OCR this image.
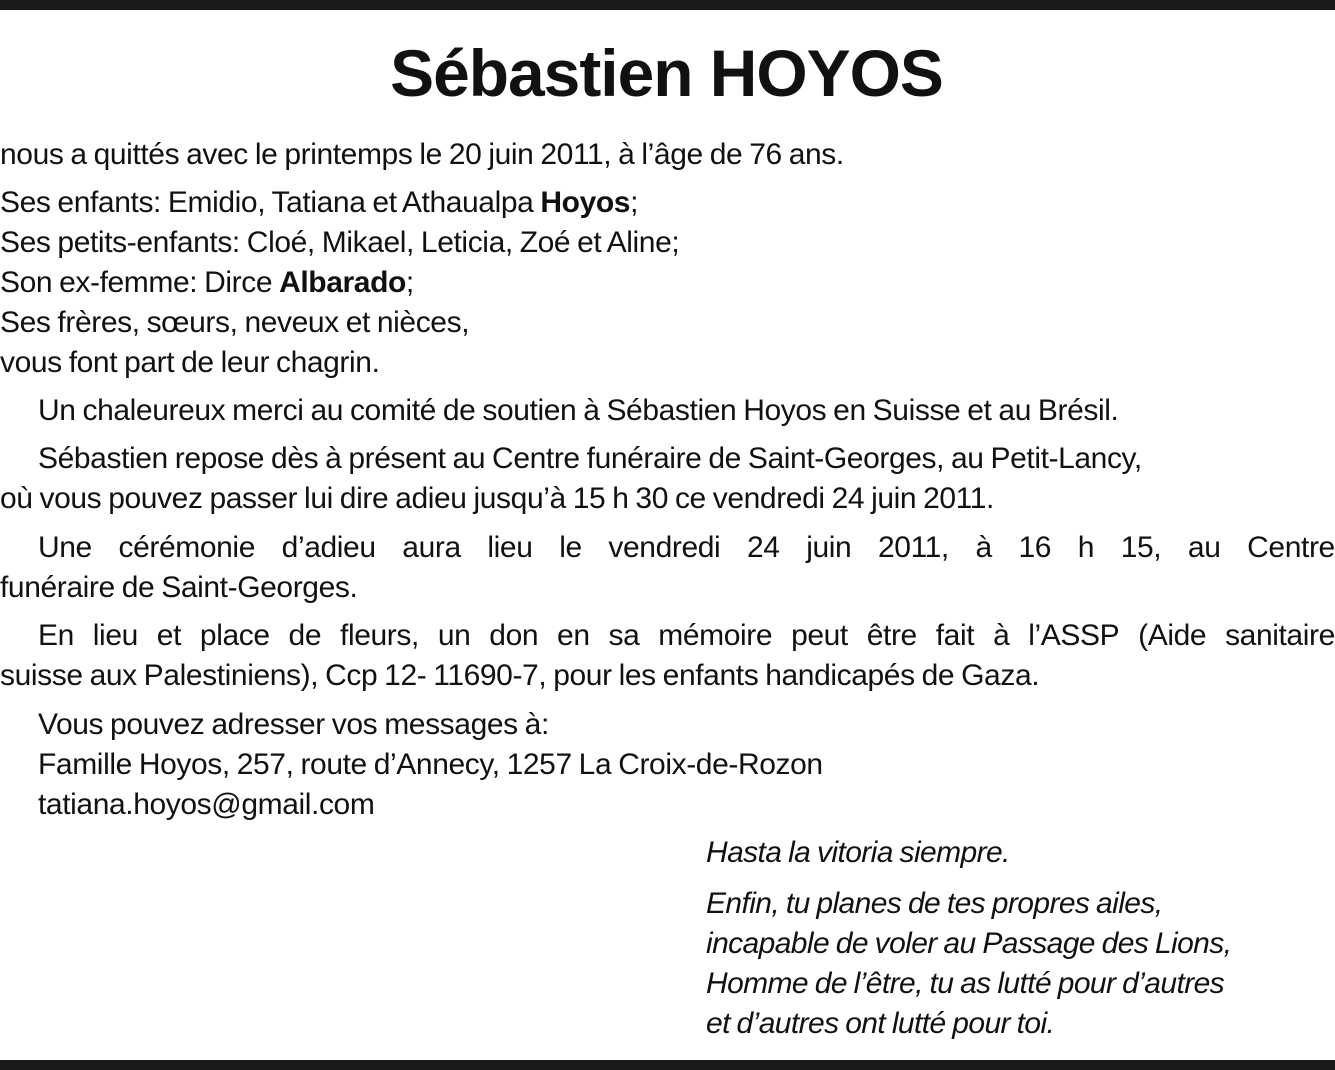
Sébastien HOYOS
nous a quittés avec le printemps le 20 juin 2011, à l’âge de 76 ans.
Ses enfants: Emidio, Tatiana et Athaualpa Hoyos;
Ses petits-enfants: Cloé, Mikael, Leticia, Zoé et Aline;
Son ex-femme: Dirce Albarado;
Ses frères, sœurs, neveux et nièces,
vous font part de leur chagrin.
Un chaleureux merci au comité de soutien à Sébastien Hoyos en Suisse et au Brésil.
Sébastien repose dès à présent au Centre funéraire de Saint-Georges, au Petit-Lancy,
où vous pouvez passer lui dire adieu jusqu’à 15 h 30 ce vendredi 24 juin 2011.
Une cérémonie d’adieu aura lieu le vendredi 24 juin 2011, à 16 h 15, au Centre
funéraire de Saint-Georges.
En lieu et place de fleurs, un don en sa mémoire peut être fait à l’ASSP (Aide sanitaire
suisse aux Palestiniens), Ccp 12- 11690-7, pour les enfants handicapés de Gaza.
Vous pouvez adresser vos messages à:
Famille Hoyos, 257, route d’Annecy, 1257 La Croix-de-Rozon
tatiana.hoyos@gmail.com
Hasta la vitoria siempre.
Enfin, tu planes de tes propres ailes,
incapable de voler au Passage des Lions,
Homme de l’être, tu as lutté pour d’autres
et d’autres ont lutté pour toi.
